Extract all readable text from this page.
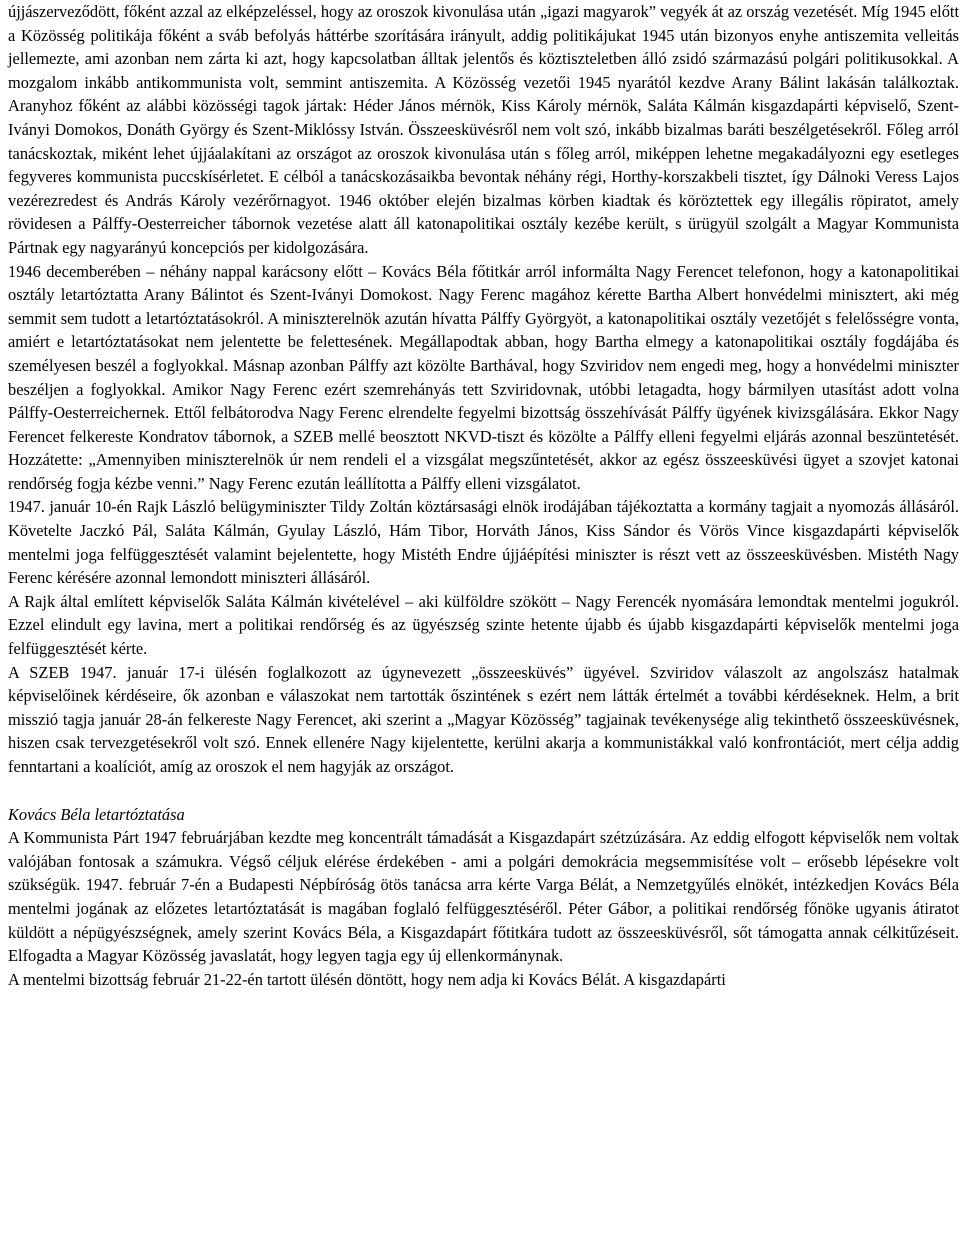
újjászerveződött, főként azzal az elképzeléssel, hogy az oroszok kivonulása után „igazi magyarok” vegyék át az ország vezetését. Míg 1945 előtt a Közösség politikája főként a sváb befolyás háttérbe szorítására irányult, addig politikájukat 1945 után bizonyos enyhe antiszemita velleitás jellemezte, ami azonban nem zárta ki azt, hogy kapcsolatban álltak jelentős és köztiszteletben álló zsidó származású polgári politikusokkal. A mozgalom inkább antikommunista volt, semmint antiszemita. A Közösség vezetői 1945 nyarától kezdve Arany Bálint lakásán találkoztak. Aranyhoz főként az alábbi közösségi tagok jártak: Héder János mérnök, Kiss Károly mérnök, Saláta Kálmán kisgazdapárti képviselő, Szent-Iványi Domokos, Donáth György és Szent-Miklóssy István. Összeesküvésről nem volt szó, inkább bizalmas baráti beszélgetésekről. Főleg arról tanácskoztak, miként lehet újjáalakítani az országot az oroszok kivonulása után s főleg arról, miképpen lehetne megakadályozni egy esetleges fegyveres kommunista puccskísérletet. E célból a tanácskozásaikba bevontak néhány régi, Horthy-korszakbeli tisztet, így Dálnoki Veress Lajos vezérezredest és András Károly vezérőrnagyot. 1946 október elején bizalmas körben kiadtak és köröztettek egy illegális röpiratot, amely rövidesen a Pálffy-Oesterreicher tábornok vezetése alatt áll katonapolitikai osztály kezébe került, s ürügyül szolgált a Magyar Kommunista Pártnak egy nagyarányú koncepciós per kidolgozására.

1946 decemberében – néhány nappal karácsony előtt – Kovács Béla főtitkár arról informálta Nagy Ferencet telefonon, hogy a katonapolitikai osztály letartóztatta Arany Bálintot és Szent-Iványi Domokost. Nagy Ferenc magához kérette Bartha Albert honvédelmi minisztert, aki még semmit sem tudott a letartóztatásokról. A miniszterelnök azután hívatta Pálffy Györgyöt, a katonapolitikai osztály vezetőjét s felelősségre vonta, amiért e letartóztatásokat nem jelentette be felettesének. Megállapodtak abban, hogy Bartha elmegy a katonapolitikai osztály fogdájába és személyesen beszél a foglyokkal. Másnap azonban Pálffy azt közölte Barthával, hogy Szviridov nem engedi meg, hogy a honvédelmi miniszter beszéljen a foglyokkal. Amikor Nagy Ferenc ezért szemrehányás tett Szviridovnak, utóbbi letagadta, hogy bármilyen utasítást adott volna Pálffy-Oesterreichernek. Ettől felbátorodva Nagy Ferenc elrendelte fegyelmi bizottság összehívását Pálffy ügyének kivizsgálására. Ekkor Nagy Ferencet felkereste Kondratov tábornok, a SZEB mellé beosztott NKVD-tiszt és közölte a Pálffy elleni fegyelmi eljárás azonnal beszüntetését. Hozzátette: „Amennyiben miniszterelnök úr nem rendeli el a vizsgálat megszűntetését, akkor az egész összeesküvési ügyet a szovjet katonai rendőrség fogja kézbe venni.” Nagy Ferenc ezután leállította a Pálffy elleni vizsgálatot.

1947. január 10-én Rajk László belügyminiszter Tildy Zoltán köztársasági elnök irodájában tájékoztatta a kormány tagjait a nyomozás állásáról. Követelte Jaczkó Pál, Saláta Kálmán, Gyulay László, Hám Tibor, Horváth János, Kiss Sándor és Vörös Vince kisgazdapárti képviselők mentelmi joga felfüggesztését valamint bejelentette, hogy Mistéth Endre újjáépítési miniszter is részt vett az összeesküvésben. Mistéth Nagy Ferenc kérésére azonnal lemondott miniszteri állásáról.

A Rajk által említett képviselők Saláta Kálmán kivételével – aki külföldre szökött – Nagy Ferencék nyomására lemondtak mentelmi jogukról. Ezzel elindult egy lavina, mert a politikai rendőrség és az ügyészség szinte hetente újabb és újabb kisgazdapárti képviselők mentelmi joga felfüggesztését kérte.

A SZEB 1947. január 17-i ülésén foglalkozott az úgynevezett „összeesküvés” ügyével. Szviridov válaszolt az angolszász hatalmak képviselőinek kérdéseire, ők azonban e válaszokat nem tartották őszintének s ezért nem látták értelmét a további kérdéseknek. Helm, a brit misszió tagja január 28-án felkereste Nagy Ferencet, aki szerint a „Magyar Közösség” tagjainak tevékenysége alig tekinthető összeesküvésnek, hiszen csak tervezgetésekről volt szó. Ennek ellenére Nagy kijelentette, kerülni akarja a kommunistákkal való konfrontációt, mert célja addig fenntartani a koalíciót, amíg az oroszok el nem hagyják az országot.

Kovács Béla letartóztatása

A Kommunista Párt 1947 februárjában kezdte meg koncentrált támadását a Kisgazdapárt szétzúzására. Az eddig elfogott képviselők nem voltak valójában fontosak a számukra. Végső céljuk elérése érdekében - ami a polgári demokrácia megsemmisítése volt – erősebb lépésekre volt szükségük. 1947. február 7-én a Budapesti Népbíróság ötös tanácsa arra kérte Varga Bélát, a Nemzetgyűlés elnökét, intézkedjen Kovács Béla mentelmi jogának az előzetes letartóztatását is magában foglaló felfüggesztéséről. Péter Gábor, a politikai rendőrség főnöke ugyanis átiratot küldött a népügyészségnek, amely szerint Kovács Béla, a Kisgazdapárt főtitkára tudott az összeesküvésről, sőt támogatta annak célkitűzéseit. Elfogadta a Magyar Közösség javaslatát, hogy legyen tagja egy új ellenkormánynak.

A mentelmi bizottság február 21-22-én tartott ülésén döntött, hogy nem adja ki Kovács Bélát. A kisgazdapárti
